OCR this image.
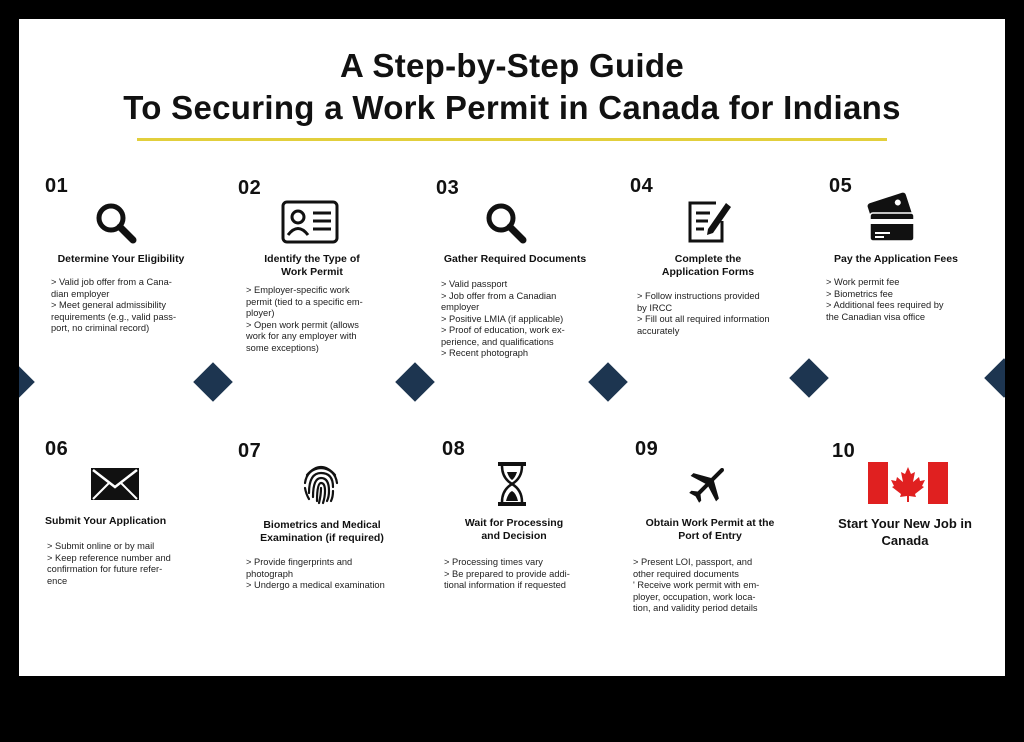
A Step-by-Step Guide
To Securing a Work Permit in Canada for Indians
01
Determine Your Eligibility
> Valid job offer from a Cana-
dian employer
> Meet general admissibility
requirements (e.g., valid pass-
port, no criminal record)
02
Identify the Type of
Work Permit
> Employer-specific work
permit (tied to a specific em-
ployer)
> Open work permit (allows
work for any employer with
some exceptions)
03
Gather Required Documents
> Valid passport
> Job offer from a Canadian
employer
> Positive LMIA (if applicable)
> Proof of education, work ex-
perience, and qualifications
> Recent photograph
04
Complete the
Application Forms
> Follow instructions provided
by IRCC
> Fill out all required information
accurately
05
Pay the Application Fees
> Work permit fee
> Biometrics fee
> Additional fees required by
the Canadian visa office
06
Submit Your Application
> Submit online or by mail
> Keep reference number and
confirmation for future refer-
ence
07
Biometrics and Medical
Examination (if required)
> Provide fingerprints and
photograph
> Undergo a medical examination
08
Wait for Processing
and Decision
> Processing times vary
> Be prepared to provide addi-
tional information if requested
09
Obtain Work Permit at the
Port of Entry
> Present LOI, passport, and
other required documents
' Receive work permit with em-
ployer, occupation, work loca-
tion, and validity period details
10
Start Your New Job in
Canada
